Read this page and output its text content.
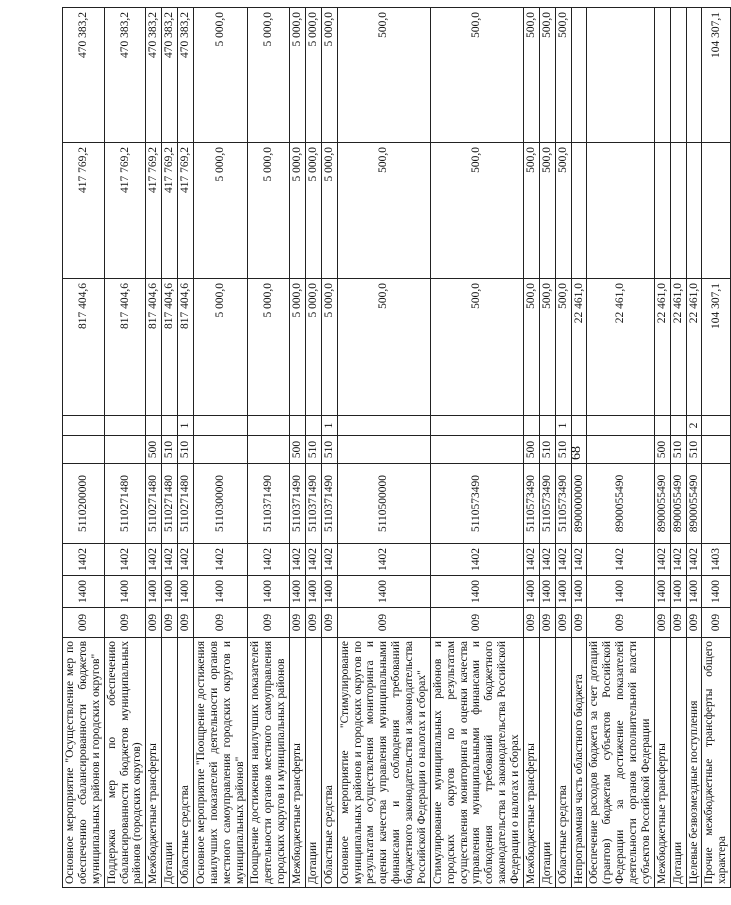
68
Основное мероприятие "Осуществление мер по обеспечению сбалансированности бюджетов муниципальных районов и городских округов"	009	1400	1402	5110200000			817 404,6	417 769,2	470 383,2
Поддержка мер по обеспечению сбалансированности бюджетов муниципальных районов (городских округов)	009	1400	1402	5110271480			817 404,6	417 769,2	470 383,2
Межбюджетные трансферты	009	1400	1402	5110271480	500		817 404,6	417 769,2	470 383,2
Дотации	009	1400	1402	5110271480	510		817 404,6	417 769,2	470 383,2
Областные средства	009	1400	1402	5110271480	510	1	817 404,6	417 769,2	470 383,2
Основное мероприятие "Поощрение достижения наилучших показателей деятельности органов местного самоуправления городских округов и муниципальных районов"	009	1400	1402	5110300000			5 000,0	5 000,0	5 000,0
Поощрение достижения наилучших показателей деятельности органов местного самоуправления городских округов и муниципальных районов	009	1400	1402	5110371490			5 000,0	5 000,0	5 000,0
Межбюджетные трансферты	009	1400	1402	5110371490	500		5 000,0	5 000,0	5 000,0
Дотации	009	1400	1402	5110371490	510		5 000,0	5 000,0	5 000,0
Областные средства	009	1400	1402	5110371490	510	1	5 000,0	5 000,0	5 000,0
Основное мероприятие "Стимулирование муниципальных районов и городских округов по результатам осуществления мониторинга и оценки качества управления муниципальными финансами и соблюдения требований бюджетного законодательства и законодательства Российской Федерации о налогах и сборах"	009	1400	1402	5110500000			500,0	500,0	500,0
Стимулирование муниципальных районов и городских округов по результатам осуществления мониторинга и оценки качества управления муниципальными финансами и соблюдения требований бюджетного законодательства и законодательства Российской Федерации о налогах и сборах	009	1400	1402	5110573490			500,0	500,0	500,0
Межбюджетные трансферты	009	1400	1402	5110573490	500		500,0	500,0	500,0
Дотации	009	1400	1402	5110573490	510		500,0	500,0	500,0
Областные средства	009	1400	1402	5110573490	510	1	500,0	500,0	500,0
Непрограммная часть областного бюджета	009	1400	1402	8900000000			22 461,0		
Обеспечение расходов бюджета за счет дотаций (грантов) бюджетам субъектов Российской Федерации за достижение показателей деятельности органов исполнительной власти субъектов Российской Федерации	009	1400	1402	8900055490			22 461,0		
Межбюджетные трансферты	009	1400	1402	8900055490	500		22 461,0		
Дотации	009	1400	1402	8900055490	510		22 461,0		
Целевые безвозмездные поступления	009	1400	1402	8900055490	510	2	22 461,0		
Прочие межбюджетные трансферты общего характера	009	1400	1403				104 307,1		104 307,1
